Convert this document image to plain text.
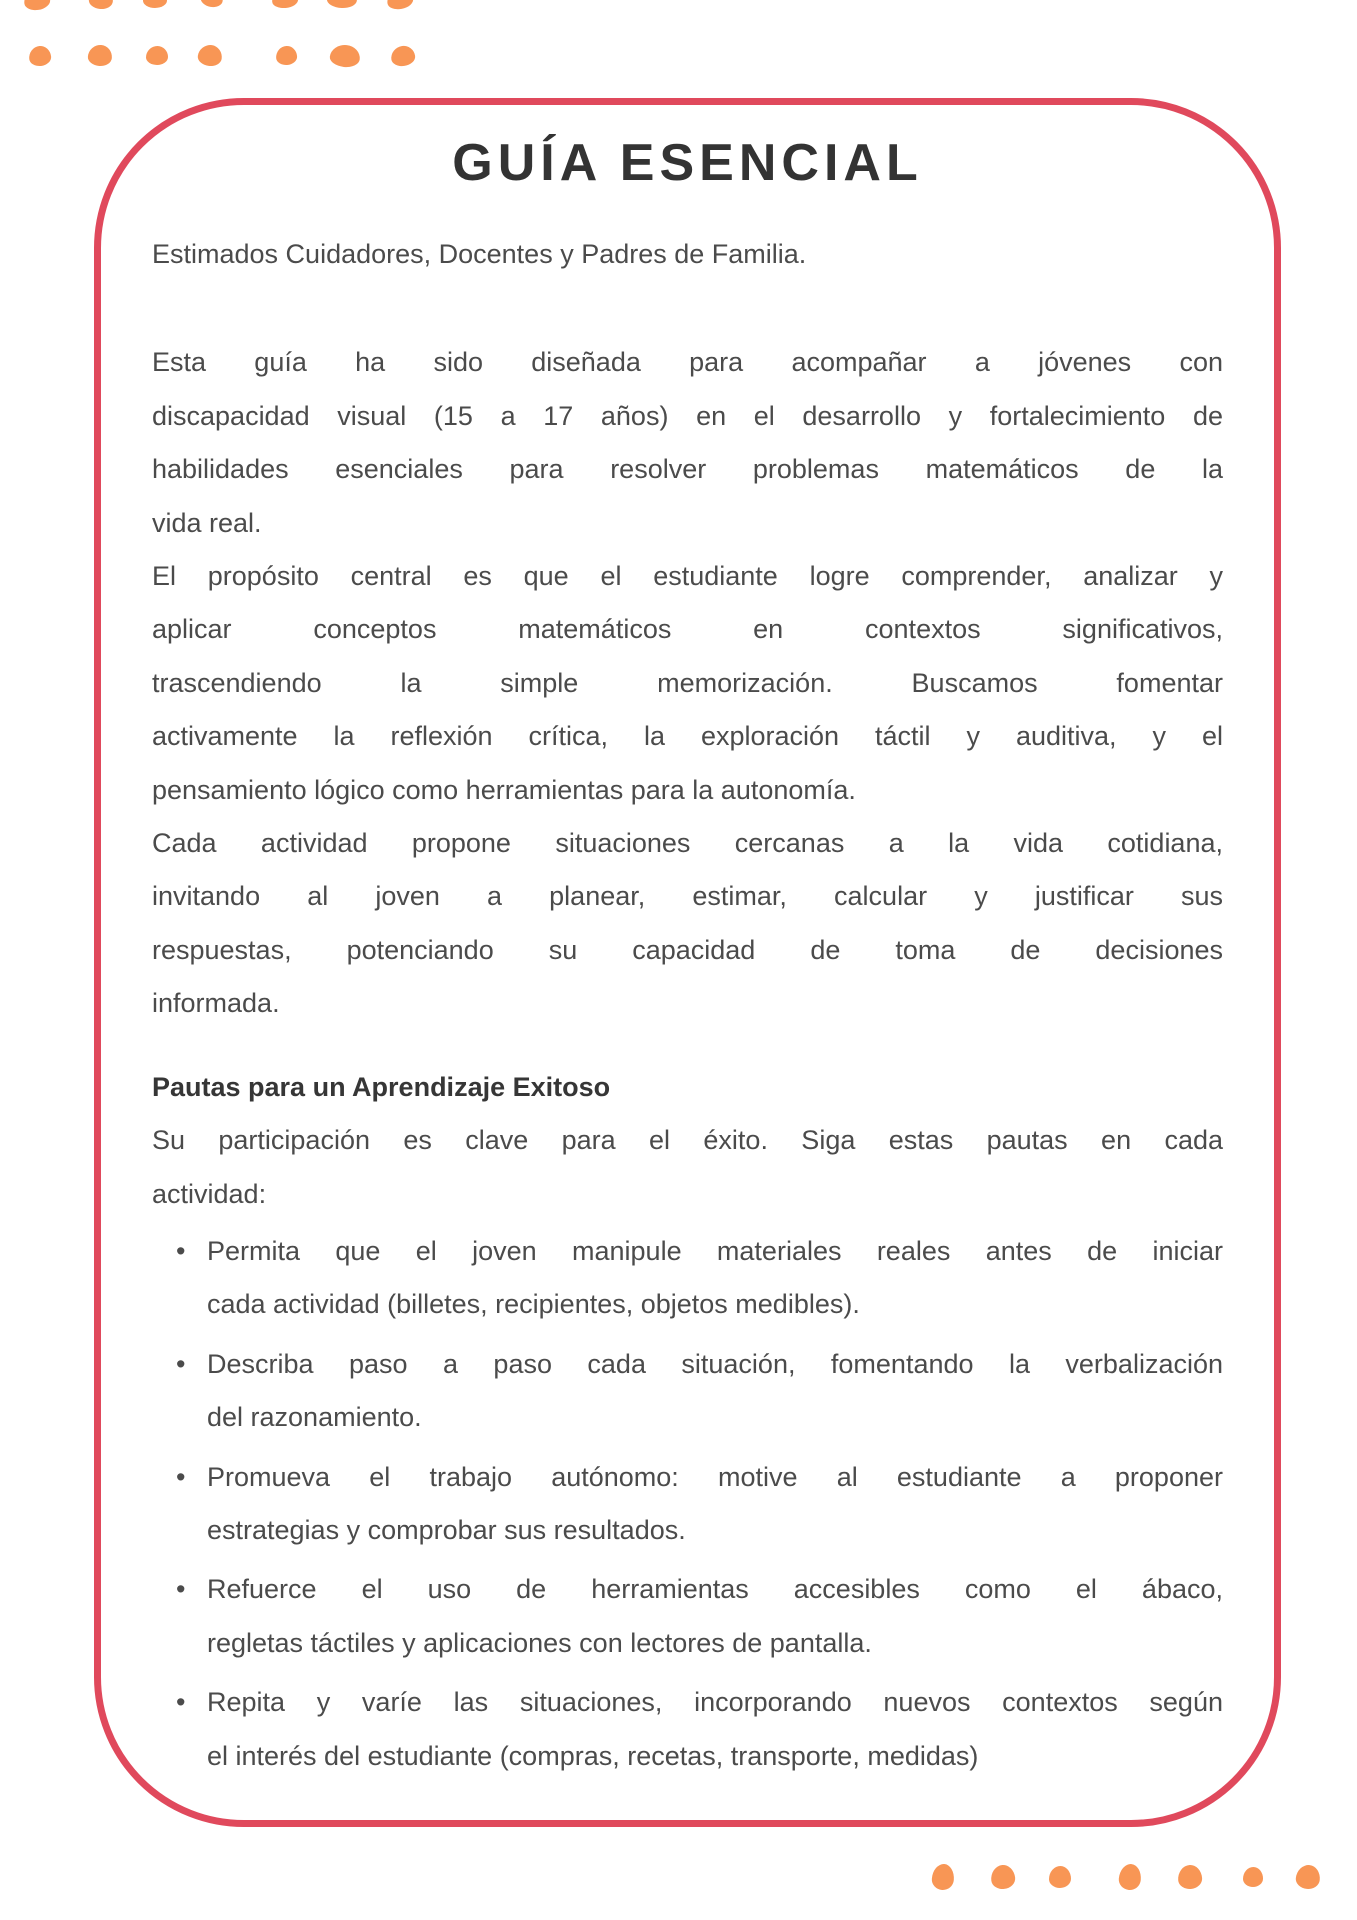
GUÍA ESENCIAL

Estimados Cuidadores, Docentes y Padres de Familia.

Esta guía ha sido diseñada para acompañar a jóvenes con
discapacidad visual (15 a 17 años) en el desarrollo y fortalecimiento de
habilidades esenciales para resolver problemas matemáticos de la
vida real.
El propósito central es que el estudiante logre comprender, analizar y
aplicar conceptos matemáticos en contextos significativos,
trascendiendo la simple memorización. Buscamos fomentar
activamente la reflexión crítica, la exploración táctil y auditiva, y el
pensamiento lógico como herramientas para la autonomía.
Cada actividad propone situaciones cercanas a la vida cotidiana,
invitando al joven a planear, estimar, calcular y justificar sus
respuestas, potenciando su capacidad de toma de decisiones
informada.
Pautas para un Aprendizaje Exitoso
Su participación es clave para el éxito. Siga estas pautas en cada
actividad:
• Permita que el joven manipule materiales reales antes de iniciar
cada actividad (billetes, recipientes, objetos medibles).
• Describa paso a paso cada situación, fomentando la verbalización
del razonamiento.
• Promueva el trabajo autónomo: motive al estudiante a proponer
estrategias y comprobar sus resultados.
• Refuerce el uso de herramientas accesibles como el ábaco,
regletas táctiles y aplicaciones con lectores de pantalla.
• Repita y varíe las situaciones, incorporando nuevos contextos según
el interés del estudiante (compras, recetas, transporte, medidas)
